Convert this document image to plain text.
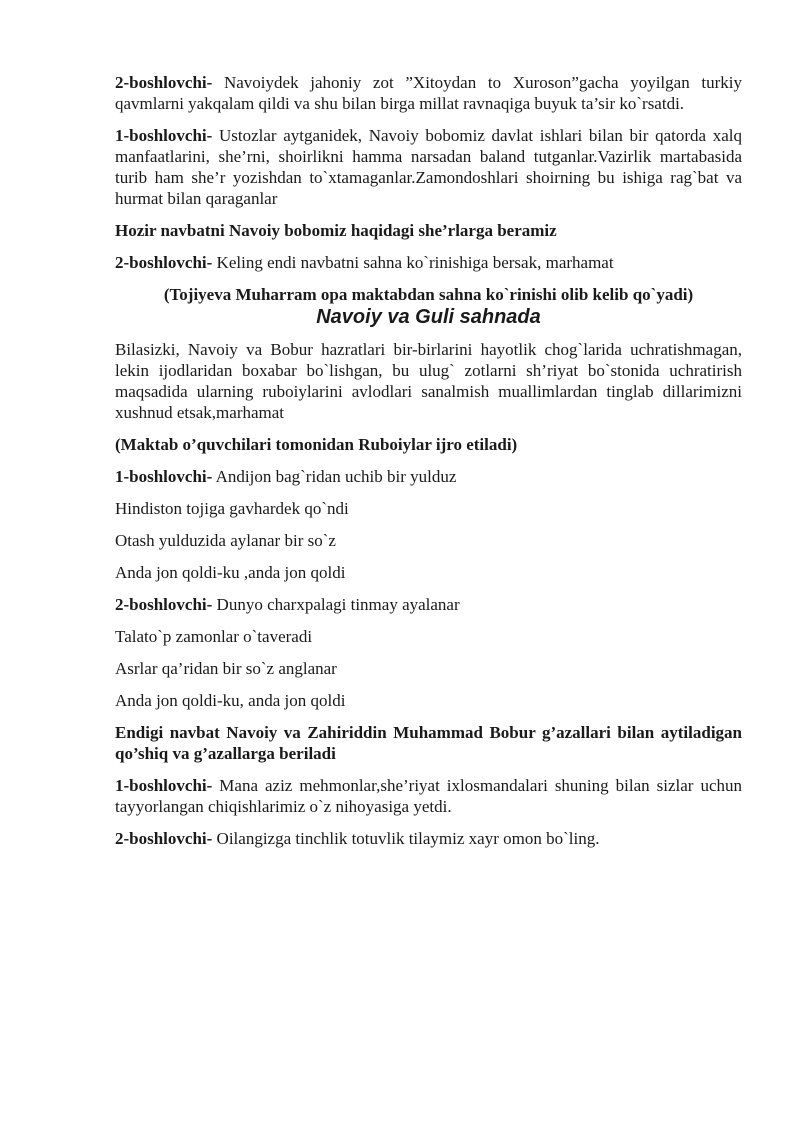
2-boshlovchi- Navoiydek jahoniy zot ”Xitoydan to Xuroson”gacha yoyilgan turkiy qavmlarni yakqalam qildi va shu bilan birga millat ravnaqiga buyuk ta’sir ko`rsatdi.

1-boshlovchi- Ustozlar aytganidek, Navoiy bobomiz davlat ishlari bilan bir qatorda xalq manfaatlarini, she’rni, shoirlikni hamma narsadan baland tutganlar.Vazirlik martabasida turib ham she’r yozishdan to`xtamaganlar.Zamondoshlari shoirning bu ishiga rag`bat va hurmat bilan qaraganlar

Hozir navbatni Navoiy bobomiz haqidagi she’rlarga beramiz

2-boshlovchi- Keling endi navbatni sahna ko`rinishiga bersak, marhamat

(Tojiyeva Muharram opa maktabdan sahna ko`rinishi olib kelib qo`yadi)

Navoiy va Guli sahnada

Bilasizki, Navoiy va Bobur hazratlari bir-birlarini hayotlik chog`larida uchratishmagan, lekin ijodlaridan boxabar bo`lishgan, bu ulug` zotlarni sh’riyat bo`stonida uchratirish maqsadida ularning ruboiylarini avlodlari sanalmish muallimlardan tinglab dillarimizni xushnud etsak,marhamat

(Maktab o’quvchilari tomonidan Ruboiylar ijro etiladi)

1-boshlovchi- Andijon bag`ridan uchib bir yulduz

Hindiston tojiga gavhardek qo`ndi

Otash yulduzida aylanar bir so`z

Anda jon qoldi-ku ,anda jon qoldi

2-boshlovchi- Dunyo charxpalagi tinmay ayalanar

Talato`p zamonlar o`taveradi

Asrlar qa’ridan bir so`z anglanar

Anda jon qoldi-ku, anda jon qoldi

Endigi navbat Navoiy va Zahiriddin Muhammad Bobur g’azallari bilan aytiladigan qo’shiq va g’azallarga beriladi

1-boshlovchi- Mana aziz mehmonlar,she’riyat ixlosmandalari shuning bilan sizlar uchun tayyorlangan chiqishlarimiz o`z nihoyasiga yetdi.

2-boshlovchi- Oilangizga tinchlik totuvlik tilaymiz xayr omon bo`ling.
